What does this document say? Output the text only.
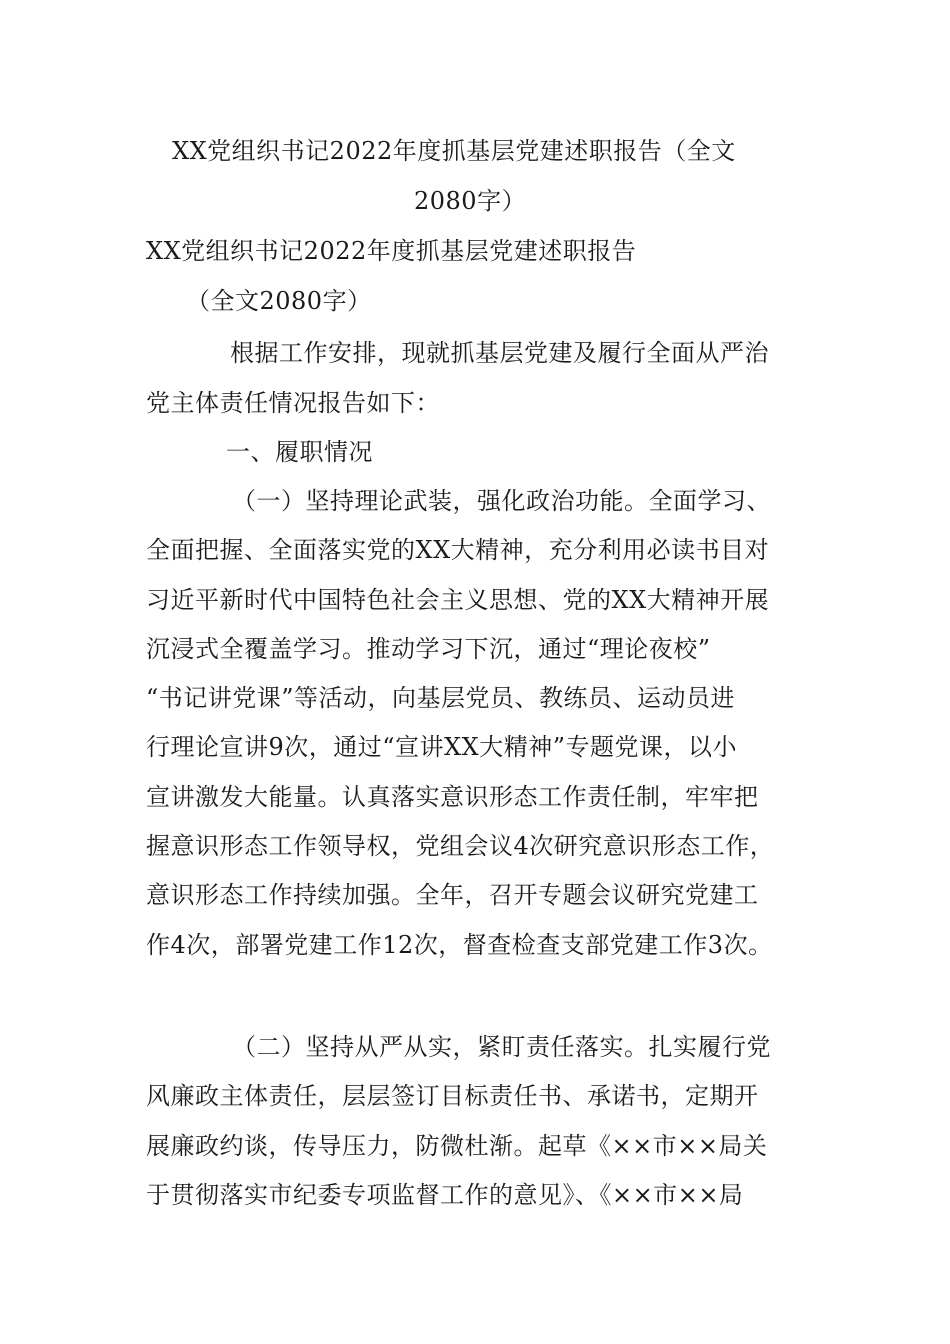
XX党组织书记2022年度抓基层党建述职报告（全文
2080字）
XX党组织书记2022年度抓基层党建述职报告
（全文2080字）
根据工作安排，现就抓基层党建及履行全面从严治
党主体责任情况报告如下：
一、履职情况
（一）坚持理论武装，强化政治功能。全面学习、
全面把握、全面落实党的XX大精神，充分利用必读书目对
习近平新时代中国特色社会主义思想、党的XX大精神开展
沉浸式全覆盖学习。推动学习下沉，通过“理论夜校”
“书记讲党课”等活动，向基层党员、教练员、运动员进
行理论宣讲9次，通过“宣讲XX大精神”专题党课，以小
宣讲激发大能量。认真落实意识形态工作责任制，牢牢把
握意识形态工作领导权，党组会议4次研究意识形态工作，
意识形态工作持续加强。全年，召开专题会议研究党建工
作4次，部署党建工作12次，督查检查支部党建工作3次。
（二）坚持从严从实，紧盯责任落实。扎实履行党
风廉政主体责任，层层签订目标责任书、承诺书，定期开
展廉政约谈，传导压力，防微杜渐。起草《××市××局关
于贯彻落实市纪委专项监督工作的意见》、《××市××局
